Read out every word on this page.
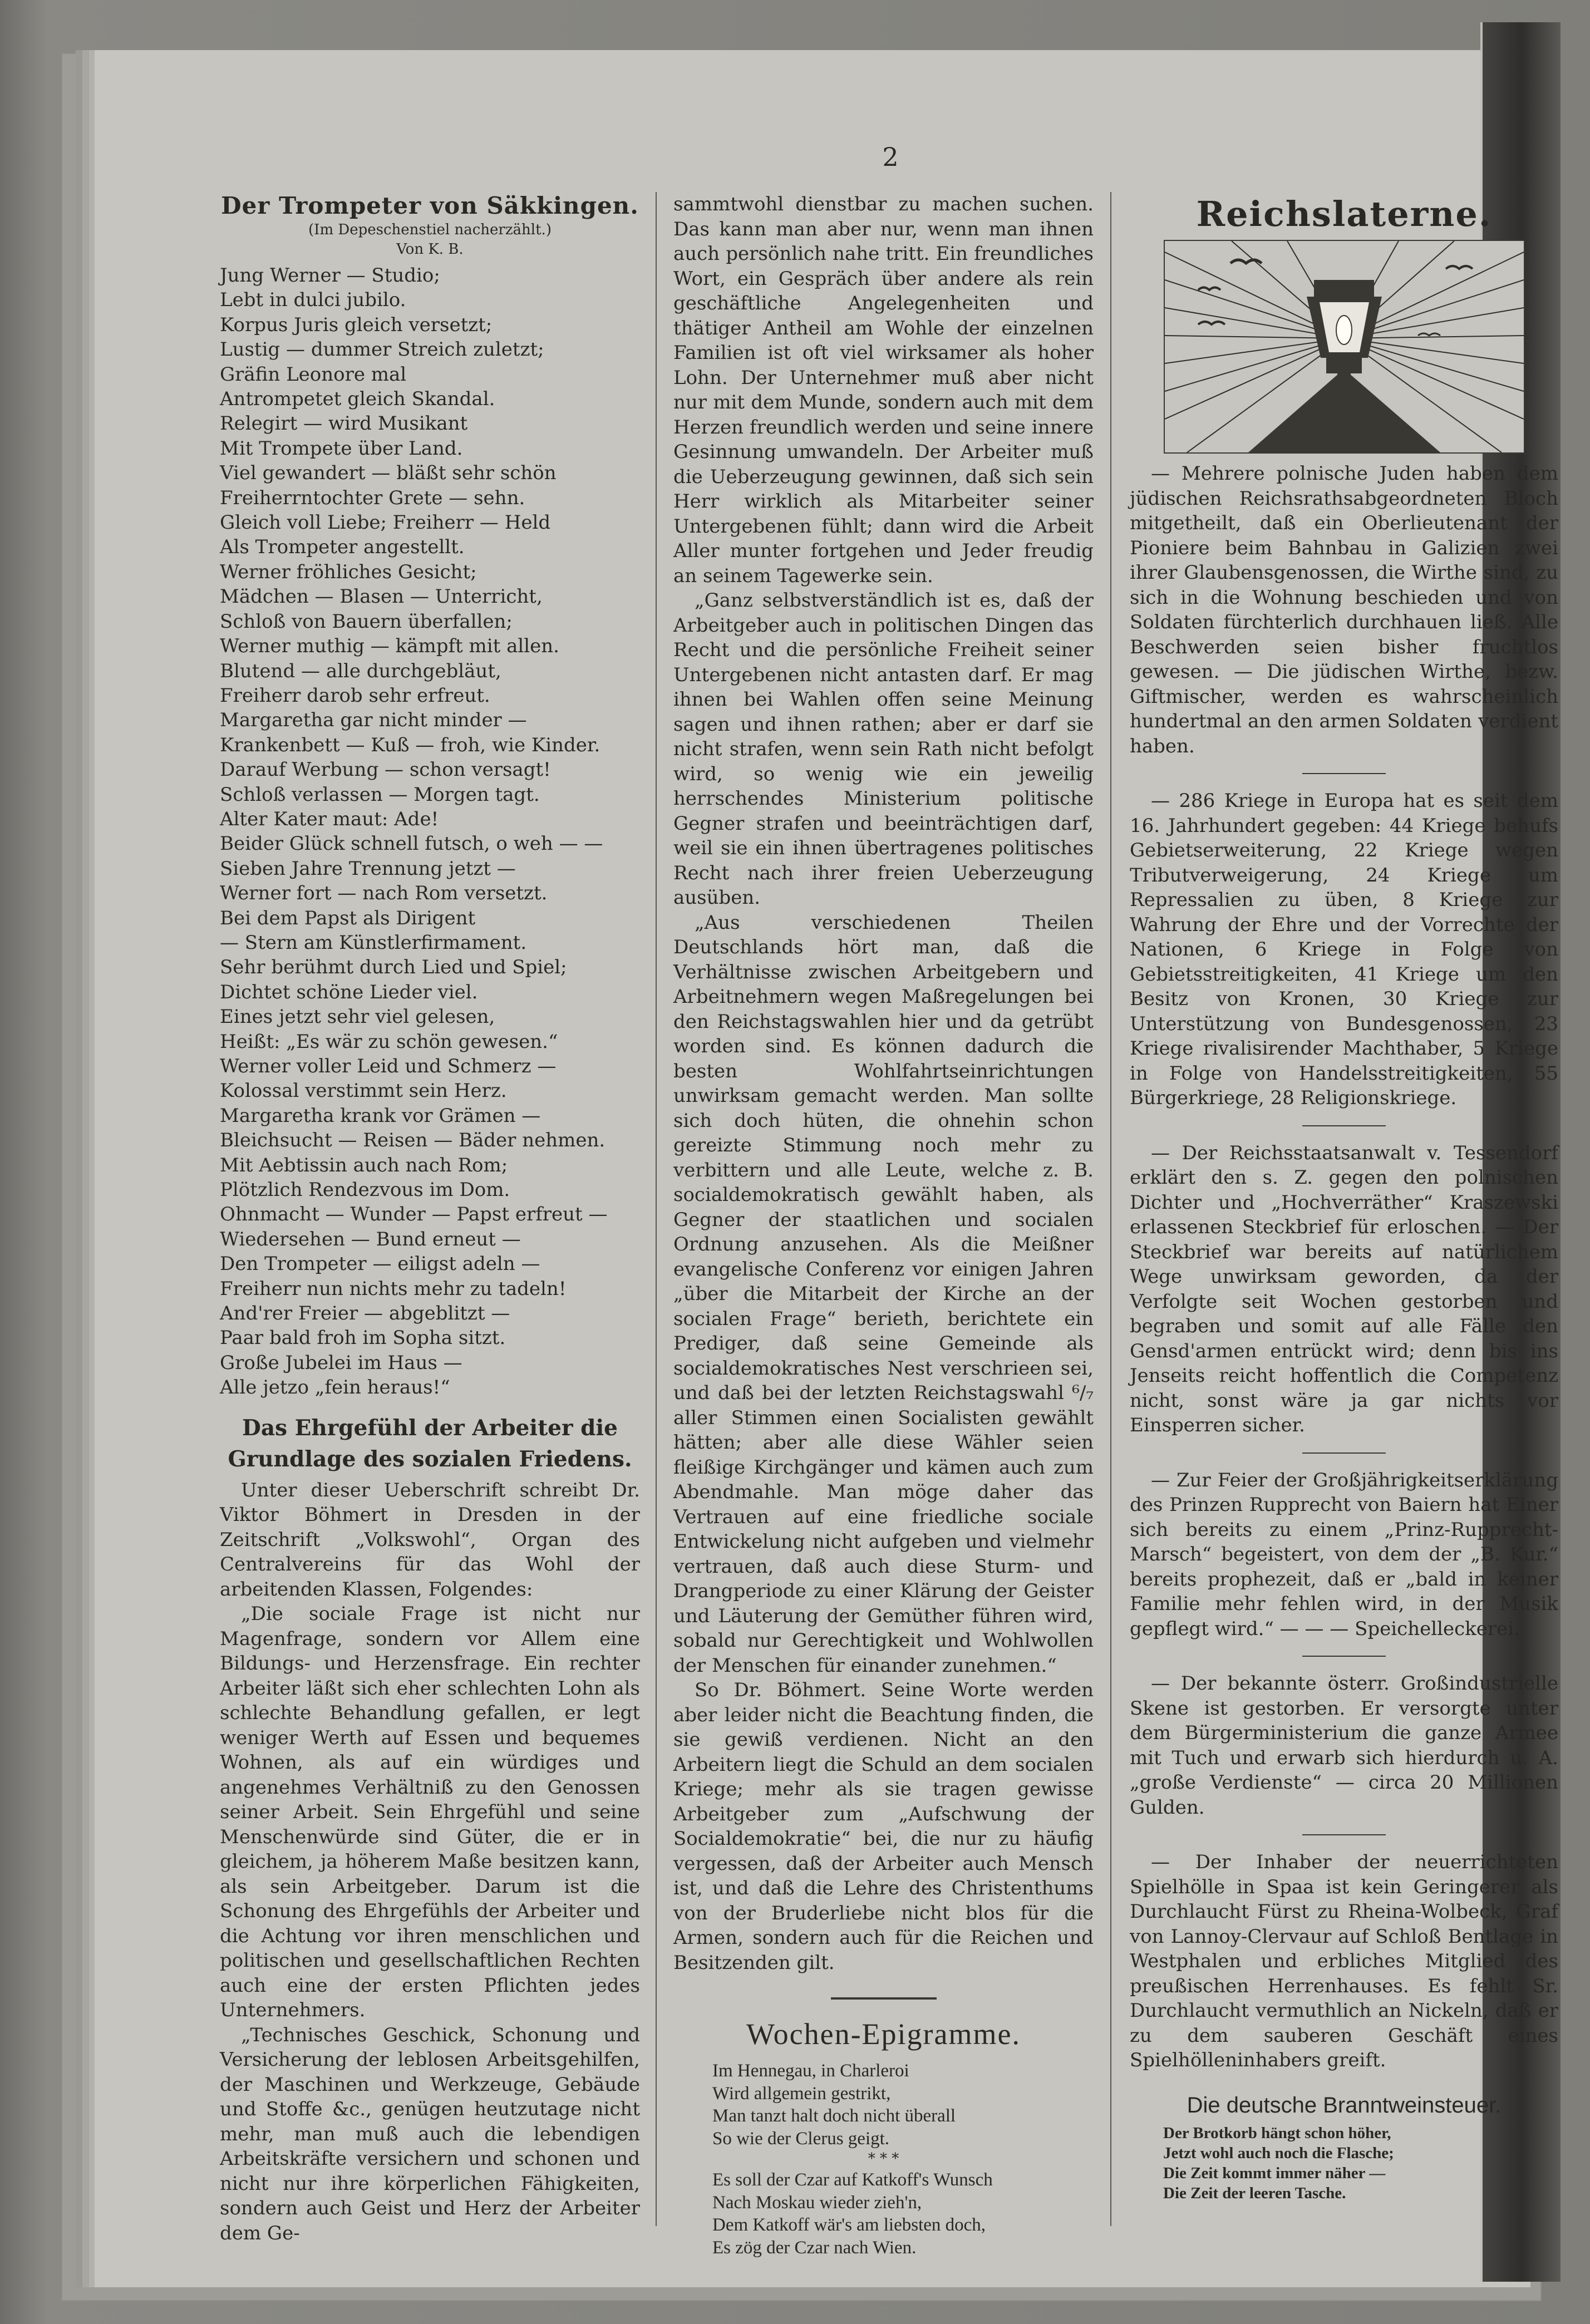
2

Der Trompeter von Säkkingen.

(Im Depeschenstiel nacherzählt.)

Von K. B.

Jung Werner — Studio;

Lebt in dulci jubilo.

Korpus Juris gleich versetzt;

Lustig — dummer Streich zuletzt;

Gräfin Leonore mal

Antrompetet gleich Skandal.

Relegirt — wird Musikant

Mit Trompete über Land.

Viel gewandert — bläßt sehr schön

Freiherrntochter Grete — sehn.

Gleich voll Liebe; Freiherr — Held

Als Trompeter angestellt.

Werner fröhliches Gesicht;

Mädchen — Blasen — Unterricht,

Schloß von Bauern überfallen;

Werner muthig — kämpft mit allen.

Blutend — alle durchgebläut,

Freiherr darob sehr erfreut.

Margaretha gar nicht minder —

Krankenbett — Kuß — froh, wie Kinder.

Darauf Werbung — schon versagt!

Schloß verlassen — Morgen tagt.

Alter Kater maut: Ade!

Beider Glück schnell futsch, o weh — —

Sieben Jahre Trennung jetzt —

Werner fort — nach Rom versetzt.

Bei dem Papst als Dirigent

— Stern am Künstlerfirmament.

Sehr berühmt durch Lied und Spiel;

Dichtet schöne Lieder viel.

Eines jetzt sehr viel gelesen,

Heißt: „Es wär zu schön gewesen.“

Werner voller Leid und Schmerz —

Kolossal verstimmt sein Herz.

Margaretha krank vor Grämen —

Bleichsucht — Reisen — Bäder nehmen.

Mit Aebtissin auch nach Rom;

Plötzlich Rendezvous im Dom.

Ohnmacht — Wunder — Papst erfreut —

Wiedersehen — Bund erneut —

Den Trompeter — eiligst adeln —

Freiherr nun nichts mehr zu tadeln!

And'rer Freier — abgeblitzt —

Paar bald froh im Sopha sitzt.

Große Jubelei im Haus —

Alle jetzo „fein heraus!“

Das Ehrgefühl der Arbeiter die Grundlage des sozialen Friedens.

Unter dieser Ueberschrift schreibt Dr. Viktor Böhmert in Dresden in der Zeitschrift „Volkswohl“, Organ des Centralvereins für das Wohl der arbeitenden Klassen, Folgendes:

„Die sociale Frage ist nicht nur Magenfrage, sondern vor Allem eine Bildungs- und Herzensfrage. Ein rechter Arbeiter läßt sich eher schlechten Lohn als schlechte Behandlung gefallen, er legt weniger Werth auf Essen und bequemes Wohnen, als auf ein würdiges und angenehmes Verhältniß zu den Genossen seiner Arbeit. Sein Ehrgefühl und seine Menschenwürde sind Güter, die er in gleichem, ja höherem Maße besitzen kann, als sein Arbeitgeber. Darum ist die Schonung des Ehrgefühls der Arbeiter und die Achtung vor ihren menschlichen und politischen und gesellschaftlichen Rechten auch eine der ersten Pflichten jedes Unternehmers.

„Technisches Geschick, Schonung und Versicherung der leblosen Arbeitsgehilfen, der Maschinen und Werkzeuge, Gebäude und Stoffe &c., genügen heutzutage nicht mehr, man muß auch die lebendigen Arbeitskräfte versichern und schonen und nicht nur ihre körperlichen Fähigkeiten, sondern auch Geist und Herz der Arbeiter dem Ge-

sammtwohl dienstbar zu machen suchen. Das kann man aber nur, wenn man ihnen auch persönlich nahe tritt. Ein freundliches Wort, ein Gespräch über andere als rein geschäftliche Angelegenheiten und thätiger Antheil am Wohle der einzelnen Familien ist oft viel wirksamer als hoher Lohn. Der Unternehmer muß aber nicht nur mit dem Munde, sondern auch mit dem Herzen freundlich werden und seine innere Gesinnung umwandeln. Der Arbeiter muß die Ueberzeugung gewinnen, daß sich sein Herr wirklich als Mitarbeiter seiner Untergebenen fühlt; dann wird die Arbeit Aller munter fortgehen und Jeder freudig an seinem Tagewerke sein.

„Ganz selbstverständlich ist es, daß der Arbeitgeber auch in politischen Dingen das Recht und die persönliche Freiheit seiner Untergebenen nicht antasten darf. Er mag ihnen bei Wahlen offen seine Meinung sagen und ihnen rathen; aber er darf sie nicht strafen, wenn sein Rath nicht befolgt wird, so wenig wie ein jeweilig herrschendes Ministerium politische Gegner strafen und beeinträchtigen darf, weil sie ein ihnen übertragenes politisches Recht nach ihrer freien Ueberzeugung ausüben.

„Aus verschiedenen Theilen Deutschlands hört man, daß die Verhältnisse zwischen Arbeitgebern und Arbeitnehmern wegen Maßregelungen bei den Reichstagswahlen hier und da getrübt worden sind. Es können dadurch die besten Wohlfahrtseinrichtungen unwirksam gemacht werden. Man sollte sich doch hüten, die ohnehin schon gereizte Stimmung noch mehr zu verbittern und alle Leute, welche z. B. socialdemokratisch gewählt haben, als Gegner der staatlichen und socialen Ordnung anzusehen. Als die Meißner evangelische Conferenz vor einigen Jahren „über die Mitarbeit der Kirche an der socialen Frage“ berieth, berichtete ein Prediger, daß seine Gemeinde als socialdemokratisches Nest verschrieen sei, und daß bei der letzten Reichstagswahl ⁶/₇ aller Stimmen einen Socialisten gewählt hätten; aber alle diese Wähler seien fleißige Kirchgänger und kämen auch zum Abendmahle. Man möge daher das Vertrauen auf eine friedliche sociale Entwickelung nicht aufgeben und vielmehr vertrauen, daß auch diese Sturm- und Drangperiode zu einer Klärung der Geister und Läuterung der Gemüther führen wird, sobald nur Gerechtigkeit und Wohlwollen der Menschen für einander zunehmen.“

So Dr. Böhmert. Seine Worte werden aber leider nicht die Beachtung finden, die sie gewiß verdienen. Nicht an den Arbeitern liegt die Schuld an dem socialen Kriege; mehr als sie tragen gewisse Arbeitgeber zum „Aufschwung der Socialdemokratie“ bei, die nur zu häufig vergessen, daß der Arbeiter auch Mensch ist, und daß die Lehre des Christenthums von der Bruderliebe nicht blos für die Armen, sondern auch für die Reichen und Besitzenden gilt.

Wochen-Epigramme.

Im Hennegau, in Charleroi

Wird allgemein gestrikt,

Man tanzt halt doch nicht überall

So wie der Clerus geigt.

* * *

Es soll der Czar auf Katkoff's Wunsch

Nach Moskau wieder zieh'n,

Dem Katkoff wär's am liebsten doch,

Es zög der Czar nach Wien.

Reichslaterne.

— Mehrere polnische Juden haben dem jüdischen Reichsrathsabgeordneten Bloch mitgetheilt, daß ein Oberlieutenant der Pioniere beim Bahnbau in Galizien zwei ihrer Glaubensgenossen, die Wirthe sind, zu sich in die Wohnung beschieden und von Soldaten fürchterlich durchhauen ließ. Alle Beschwerden seien bisher fruchtlos gewesen. — Die jüdischen Wirthe, bezw. Giftmischer, werden es wahrscheinlich hundertmal an den armen Soldaten verdient haben.

— 286 Kriege in Europa hat es seit dem 16. Jahrhundert gegeben: 44 Kriege behufs Gebietserweiterung, 22 Kriege wegen Tributverweigerung, 24 Kriege um Repressalien zu üben, 8 Kriege zur Wahrung der Ehre und der Vorrechte der Nationen, 6 Kriege in Folge von Gebietsstreitigkeiten, 41 Kriege um den Besitz von Kronen, 30 Kriege zur Unterstützung von Bundesgenossen, 23 Kriege rivalisirender Machthaber, 5 Kriege in Folge von Handelsstreitigkeiten, 55 Bürgerkriege, 28 Religionskriege.

— Der Reichsstaatsanwalt v. Tessendorf erklärt den s. Z. gegen den polnischen Dichter und „Hochverräther“ Kraszewski erlassenen Steckbrief für erloschen. — Der Steckbrief war bereits auf natürlichem Wege unwirksam geworden, da der Verfolgte seit Wochen gestorben und begraben und somit auf alle Fälle den Gensd'armen entrückt wird; denn bis ins Jenseits reicht hoffentlich die Competenz nicht, sonst wäre ja gar nichts vor Einsperren sicher.

— Zur Feier der Großjährigkeitserklärung des Prinzen Rupprecht von Baiern hat Einer sich bereits zu einem „Prinz-Rupprecht-Marsch“ begeistert, von dem der „B. Kur.“ bereits prophezeit, daß er „bald in keiner Familie mehr fehlen wird, in der Musik gepflegt wird.“ — — — Speichelleckerei.

— Der bekannte österr. Großindustrielle Skene ist gestorben. Er versorgte unter dem Bürgerministerium die ganze Armee mit Tuch und erwarb sich hierdurch u. A. „große Verdienste“ — circa 20 Millionen Gulden.

— Der Inhaber der neuerrichteten Spielhölle in Spaa ist kein Geringerer als Durchlaucht Fürst zu Rheina-Wolbeck, Graf von Lannoy-Clervaur auf Schloß Bentlage in Westphalen und erbliches Mitglied des preußischen Herrenhauses. Es fehlt Sr. Durchlaucht vermuthlich an Nickeln, daß er zu dem sauberen Geschäft eines Spielhölleninhabers greift.

Die deutsche Branntweinsteuer.

Der Brotkorb hängt schon höher,

Jetzt wohl auch noch die Flasche;

Die Zeit kommt immer näher —

Die Zeit der leeren Tasche.
